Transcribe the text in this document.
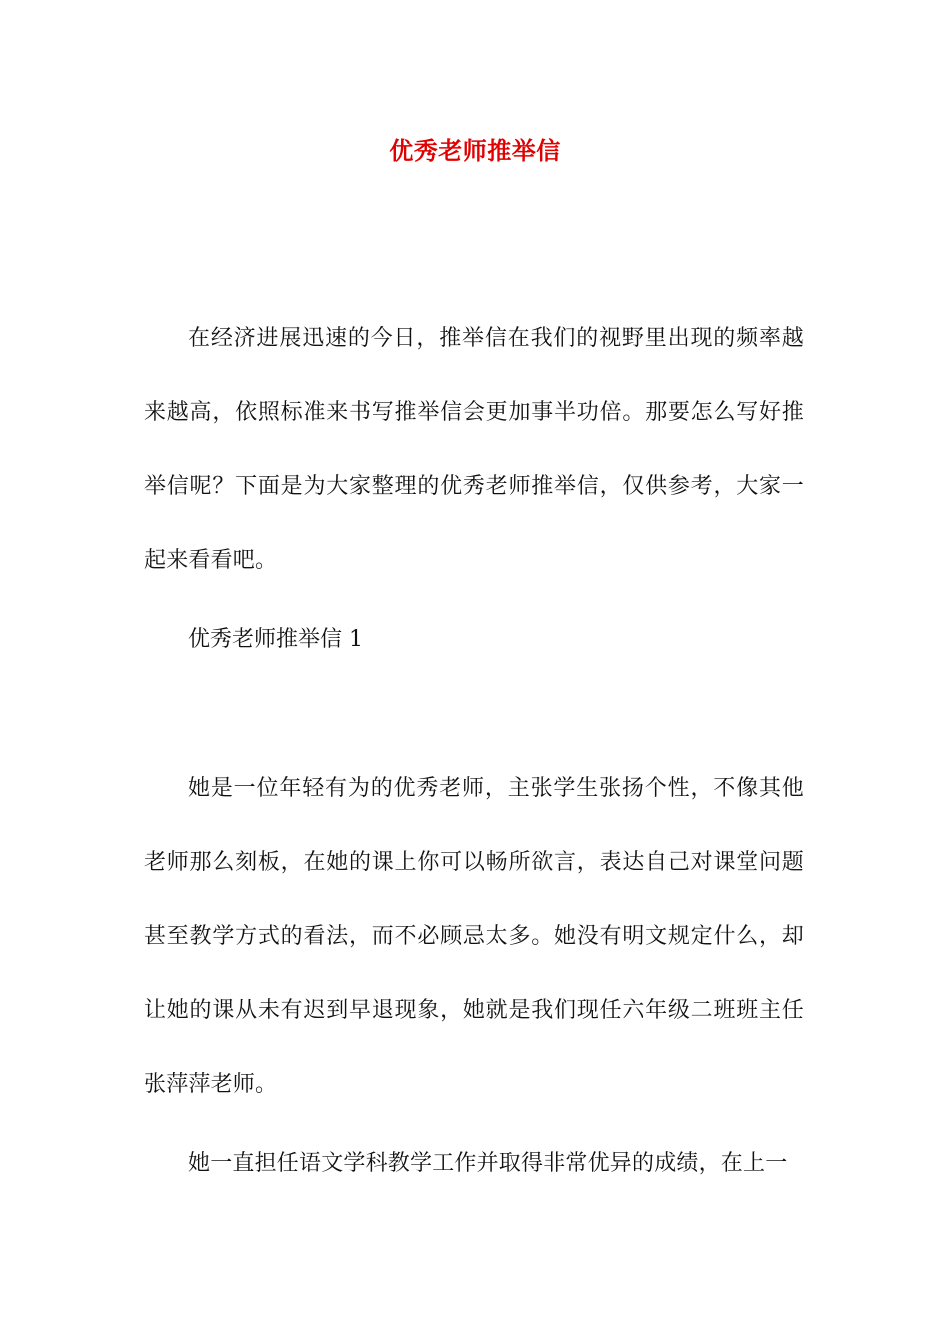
优秀老师推举信

在经济进展迅速的今日，推举信在我们的视野里出现的频率越来越高，依照标准来书写推举信会更加事半功倍。那要怎么写好推举信呢？下面是为大家整理的优秀老师推举信，仅供参考，大家一起来看看吧。

优秀老师推举信 1

她是一位年轻有为的优秀老师，主张学生张扬个性，不像其他老师那么刻板，在她的课上你可以畅所欲言，表达自己对课堂问题甚至教学方式的看法，而不必顾忌太多。她没有明文规定什么，却让她的课从未有迟到早退现象，她就是我们现任六年级二班班主任张萍萍老师。

她一直担任语文学科教学工作并取得非常优异的成绩，在上一
